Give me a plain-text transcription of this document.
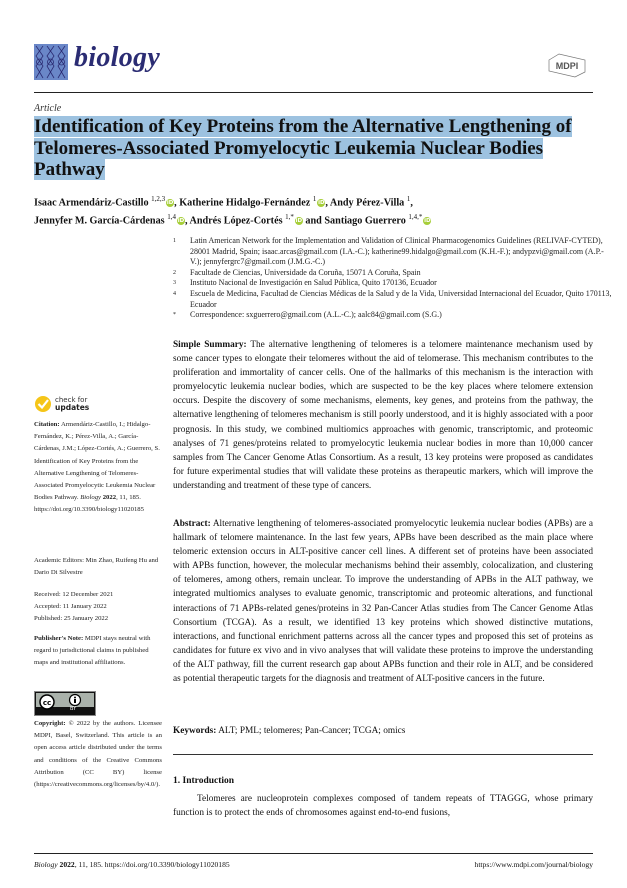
biology	MDPI
Article
Identification of Key Proteins from the Alternative Lengthening of Telomeres-Associated Promyelocytic Leukemia Nuclear Bodies Pathway
Isaac Armendáriz-Castillo $^{1,2,3}$iD, Katherine Hidalgo-Fernández $^1$iD, Andy Pérez-Villa $^1$,
Jennyfer M. García-Cárdenas $^{1,4}$iD, Andrés López-Cortés $^{1,*}$iD and Santiago Guerrero $^{1,4,*}$iD
1	Latin American Network for the Implementation and Validation of Clinical Pharmacogenomics Guidelines (RELIVAF-CYTED), 28001 Madrid, Spain; isaac.arcas@gmail.com (I.A.-C.); katherine99.hidalgo@gmail.com (K.H.-F.); andypzvi@gmail.com (A.P.-V.); jennyfergrc7@gmail.com (J.M.G.-C.)
2	Facultade de Ciencias, Universidade da Coruña, 15071 A Coruña, Spain
3	Instituto Nacional de Investigación en Salud Pública, Quito 170136, Ecuador
4	Escuela de Medicina, Facultad de Ciencias Médicas de la Salud y de la Vida, Universidad Internacional del Ecuador, Quito 170113, Ecuador
*	Correspondence: sxguerrero@gmail.com (A.L.-C.); aalc84@gmail.com (S.G.)
Simple Summary: The alternative lengthening of telomeres is a telomere maintenance mechanism used by some cancer types to elongate their telomeres without the aid of telomerase. This mechanism contributes to the proliferation and immortality of cancer cells. One of the hallmarks of this mechanism is the interaction with promyelocytic leukemia nuclear bodies, which are suspected to be the key places where telomere extension occurs. Despite the discovery of some mechanisms, elements, key genes, and proteins from the pathway, the alternative lengthening of telomeres mechanism is still poorly understood, and it is highly associated with a poor prognosis. In this study, we combined multiomics approaches with genomic, transcriptomic, and proteomic analyses of 71 genes/proteins related to promyelocytic leukemia nuclear bodies in more than 10,000 cancer samples from The Cancer Genome Atlas Consortium. As a result, 13 key proteins were proposed as candidates for future experimental studies that will validate these proteins as therapeutic markers, which will improve the understanding and treatment of these type of cancers.
Abstract: Alternative lengthening of telomeres-associated promyelocytic leukemia nuclear bodies (APBs) are a hallmark of telomere maintenance. In the last few years, APBs have been described as the main place where telomeric extension occurs in ALT-positive cancer cell lines. A different set of proteins have been associated with APBs function, however, the molecular mechanisms behind their assembly, colocalization, and clustering of telomeres, among others, remain unclear. To improve the understanding of APBs in the ALT pathway, we integrated multiomics analyses to evaluate genomic, transcriptomic and proteomic alterations, and functional interactions of 71 APBs-related genes/proteins in 32 Pan-Cancer Atlas studies from The Cancer Genome Atlas Consortium (TCGA). As a result, we identified 13 key proteins which showed distinctive mutations, interactions, and functional enrichment patterns across all the cancer types and proposed this set of proteins as candidates for future ex vivo and in vivo analyses that will validate these proteins to improve the understanding of the ALT pathway, fill the current research gap about APBs function and their role in ALT, and be considered as potential therapeutic targets for the diagnosis and treatment of ALT-positive cancers in the future.
Keywords: ALT; PML; telomeres; Pan-Cancer; TCGA; omics
1. Introduction
Telomeres are nucleoprotein complexes composed of tandem repeats of TTAGGG, whose primary function is to protect the ends of chromosomes against end-to-end fusions,
check for
updates
Citation: Armendáriz-Castillo, I.; Hidalgo-Fernández, K.; Pérez-Villa, A.; García-Cárdenas, J.M.; López-Cortés, A.; Guerrero, S. Identification of Key Proteins from the Alternative Lengthening of Telomeres-Associated Promyelocytic Leukemia Nuclear Bodies Pathway. Biology 2022, 11, 185. https://doi.org/10.3390/biology11020185
Academic Editors: Min Zhao, Ruifeng Hu and Dario Di Silvestre
Received: 12 December 2021
Accepted: 11 January 2022
Published: 25 January 2022
Publisher's Note: MDPI stays neutral with regard to jurisdictional claims in published maps and institutional affiliations.
cc
BY
Copyright: © 2022 by the authors. Licensee MDPI, Basel, Switzerland. This article is an open access article distributed under the terms and conditions of the Creative Commons Attribution (CC BY) license (https://creativecommons.org/licenses/by/4.0/).
Biology 2022, 11, 185. https://doi.org/10.3390/biology11020185	https://www.mdpi.com/journal/biology
